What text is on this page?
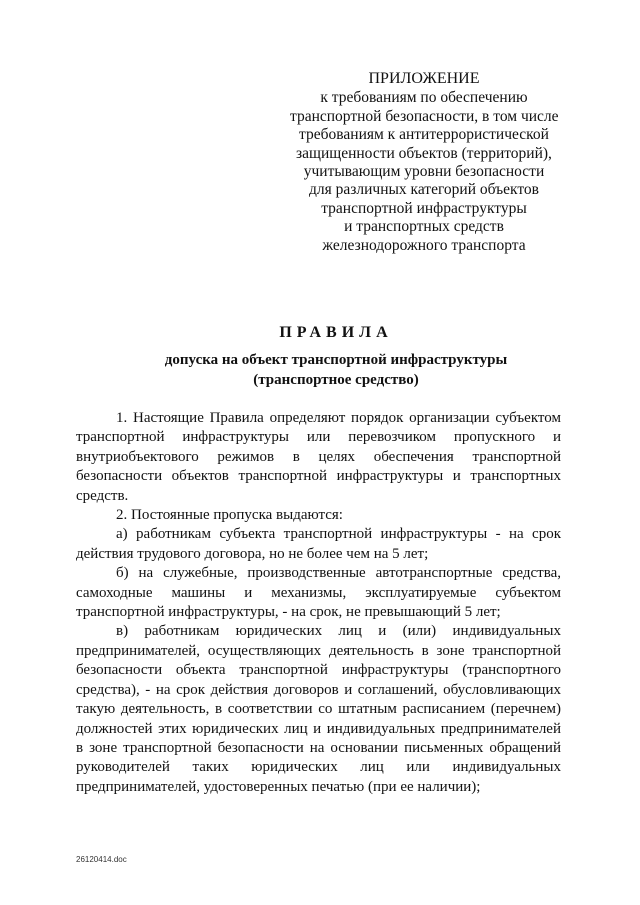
ПРИЛОЖЕНИЕ
к требованиям по обеспечению
транспортной безопасности, в том числе
требованиям к антитеррористической
защищенности объектов (территорий),
учитывающим уровни безопасности
для различных категорий объектов
транспортной инфраструктуры
и транспортных средств
железнодорожного транспорта
ПРАВИЛА
допуска на объект транспортной инфраструктуры
(транспортное средство)

1. Настоящие Правила определяют порядок организации субъектом транспортной инфраструктуры или перевозчиком пропускного и внутриобъектового режимов в целях обеспечения транспортной безопасности объектов транспортной инфраструктуры и транспортных средств.

2. Постоянные пропуска выдаются:

а) работникам субъекта транспортной инфраструктуры - на срок действия трудового договора, но не более чем на 5 лет;

б) на служебные, производственные автотранспортные средства, самоходные машины и механизмы, эксплуатируемые субъектом транспортной инфраструктуры, - на срок, не превышающий 5 лет;

в) работникам юридических лиц и (или) индивидуальных предпринимателей, осуществляющих деятельность в зоне транспортной безопасности объекта транспортной инфраструктуры (транспортного средства), - на срок действия договоров и соглашений, обусловливающих такую деятельность, в соответствии со штатным расписанием (перечнем) должностей этих юридических лиц и индивидуальных предпринимателей в зоне транспортной безопасности на основании письменных обращений руководителей таких юридических лиц или индивидуальных предпринимателей, удостоверенных печатью (при ее наличии);

26120414.doc
